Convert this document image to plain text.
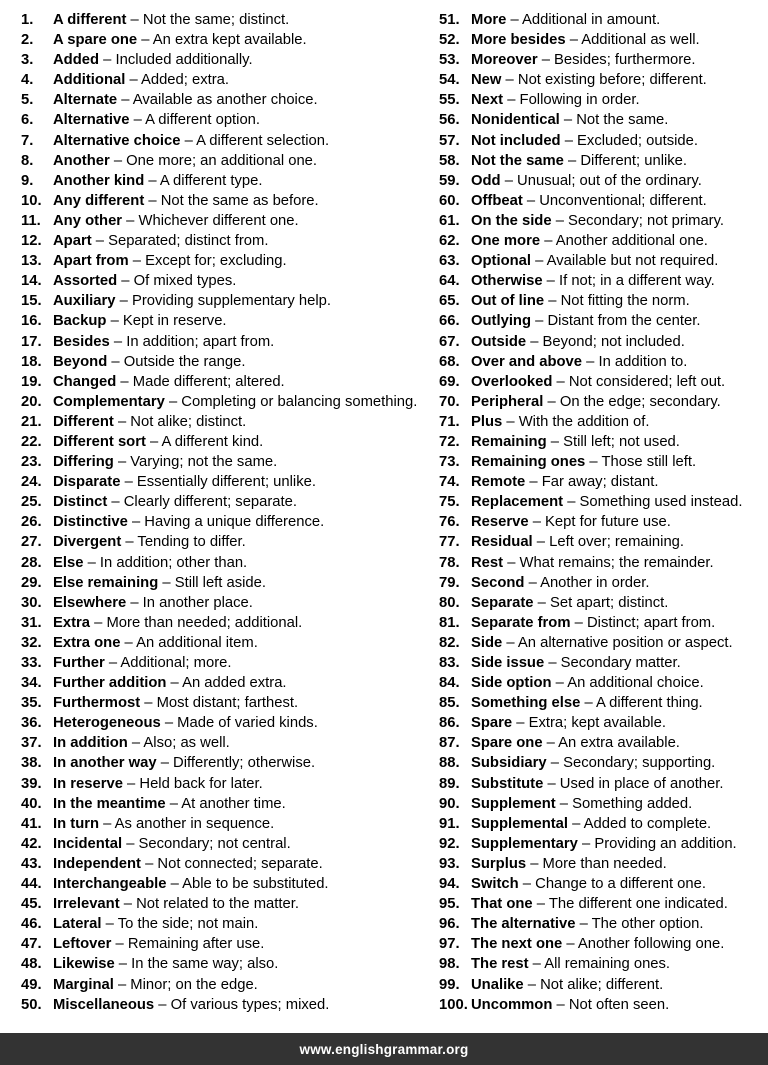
1.	A different – Not the same; distinct.
2.	A spare one – An extra kept available.
3.	Added – Included additionally.
4.	Additional – Added; extra.
5.	Alternate – Available as another choice.
6.	Alternative – A different option.
7.	Alternative choice – A different selection.
8.	Another – One more; an additional one.
9.	Another kind – A different type.
10. Any different – Not the same as before.
11. Any other – Whichever different one.
12. Apart – Separated; distinct from.
13. Apart from – Except for; excluding.
14. Assorted – Of mixed types.
15. Auxiliary – Providing supplementary help.
16. Backup – Kept in reserve.
17. Besides – In addition; apart from.
18. Beyond – Outside the range.
19. Changed – Made different; altered.
20. Complementary – Completing or balancing something.
21. Different – Not alike; distinct.
22. Different sort – A different kind.
23. Differing – Varying; not the same.
24. Disparate – Essentially different; unlike.
25. Distinct – Clearly different; separate.
26. Distinctive – Having a unique difference.
27. Divergent – Tending to differ.
28. Else – In addition; other than.
29. Else remaining – Still left aside.
30. Elsewhere – In another place.
31. Extra – More than needed; additional.
32. Extra one – An additional item.
33. Further – Additional; more.
34. Further addition – An added extra.
35. Furthermost – Most distant; farthest.
36. Heterogeneous – Made of varied kinds.
37. In addition – Also; as well.
38. In another way – Differently; otherwise.
39. In reserve – Held back for later.
40. In the meantime – At another time.
41. In turn – As another in sequence.
42. Incidental – Secondary; not central.
43. Independent – Not connected; separate.
44. Interchangeable – Able to be substituted.
45. Irrelevant – Not related to the matter.
46. Lateral – To the side; not main.
47. Leftover – Remaining after use.
48. Likewise – In the same way; also.
49. Marginal – Minor; on the edge.
50. Miscellaneous – Of various types; mixed.
51. More – Additional in amount.
52. More besides – Additional as well.
53. Moreover – Besides; furthermore.
54. New – Not existing before; different.
55. Next – Following in order.
56. Nonidentical – Not the same.
57. Not included – Excluded; outside.
58. Not the same – Different; unlike.
59. Odd – Unusual; out of the ordinary.
60. Offbeat – Unconventional; different.
61. On the side – Secondary; not primary.
62. One more – Another additional one.
63. Optional – Available but not required.
64. Otherwise – If not; in a different way.
65. Out of line – Not fitting the norm.
66. Outlying – Distant from the center.
67. Outside – Beyond; not included.
68. Over and above – In addition to.
69. Overlooked – Not considered; left out.
70. Peripheral – On the edge; secondary.
71. Plus – With the addition of.
72. Remaining – Still left; not used.
73. Remaining ones – Those still left.
74. Remote – Far away; distant.
75. Replacement – Something used instead.
76. Reserve – Kept for future use.
77. Residual – Left over; remaining.
78. Rest – What remains; the remainder.
79. Second – Another in order.
80. Separate – Set apart; distinct.
81. Separate from – Distinct; apart from.
82. Side – An alternative position or aspect.
83. Side issue – Secondary matter.
84. Side option – An additional choice.
85. Something else – A different thing.
86. Spare – Extra; kept available.
87. Spare one – An extra available.
88. Subsidiary – Secondary; supporting.
89. Substitute – Used in place of another.
90. Supplement – Something added.
91. Supplemental – Added to complete.
92. Supplementary – Providing an addition.
93. Surplus – More than needed.
94. Switch – Change to a different one.
95. That one – The different one indicated.
96. The alternative – The other option.
97. The next one – Another following one.
98. The rest – All remaining ones.
99. Unalike – Not alike; different.
100. Uncommon – Not often seen.
www.englishgrammar.org
